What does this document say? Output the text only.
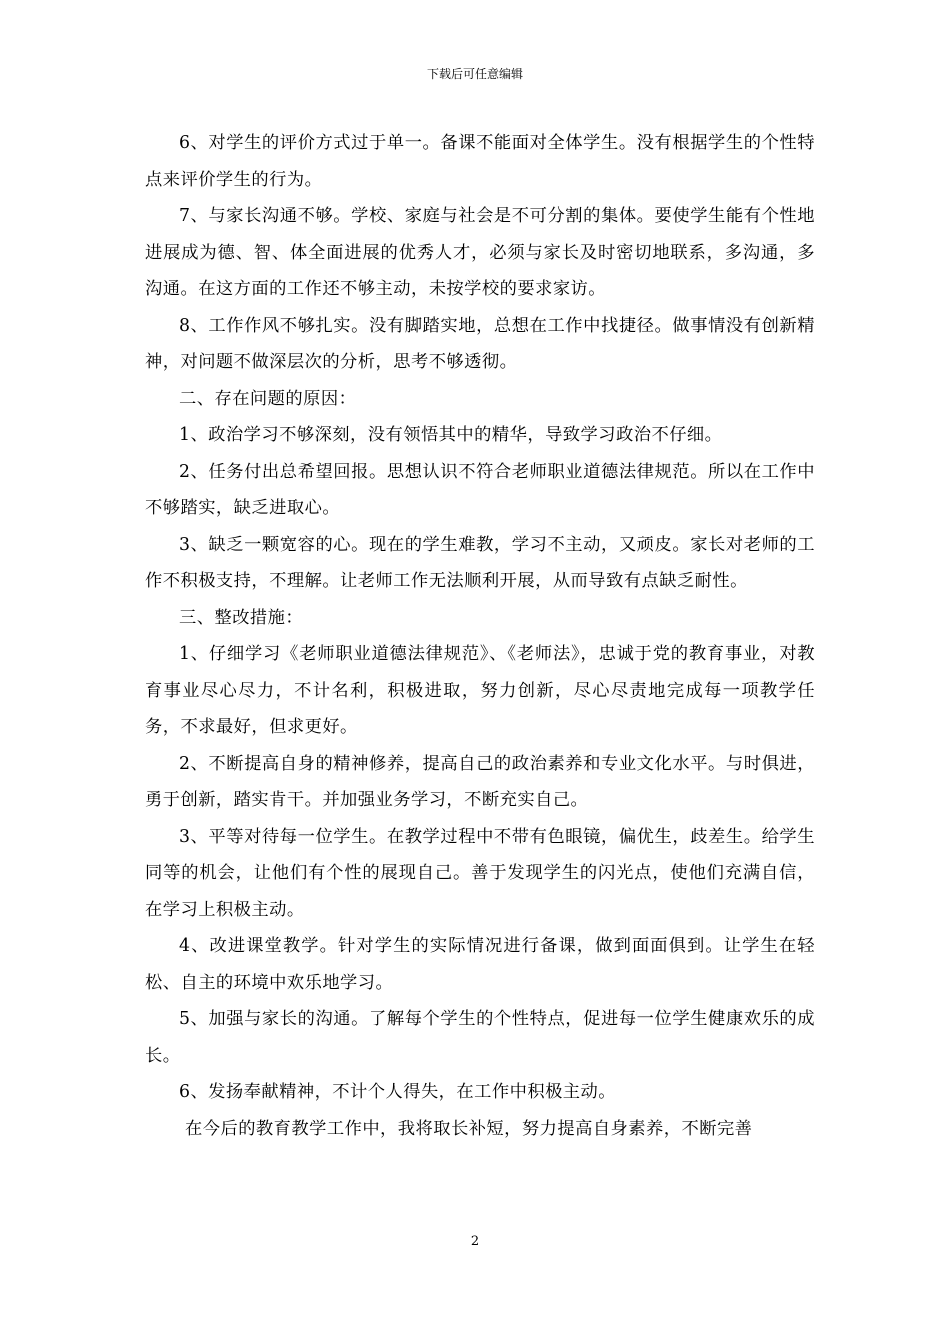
下载后可任意编辑

6、对学生的评价方式过于单一。备课不能面对全体学生。没有根据学生的个性特点来评价学生的行为。

7、与家长沟通不够。学校、家庭与社会是不可分割的集体。要使学生能有个性地进展成为德、智、体全面进展的优秀人才，必须与家长及时密切地联系，多沟通，多沟通。在这方面的工作还不够主动，未按学校的要求家访。

8、工作作风不够扎实。没有脚踏实地，总想在工作中找捷径。做事情没有创新精神，对问题不做深层次的分析，思考不够透彻。

二、存在问题的原因：

1、政治学习不够深刻，没有领悟其中的精华，导致学习政治不仔细。

2、任务付出总希望回报。思想认识不符合老师职业道德法律规范。所以在工作中不够踏实，缺乏进取心。

3、缺乏一颗宽容的心。现在的学生难教，学习不主动，又顽皮。家长对老师的工作不积极支持，不理解。让老师工作无法顺利开展，从而导致有点缺乏耐性。

三、整改措施：

1、仔细学习《老师职业道德法律规范》、《老师法》，忠诚于党的教育事业，对教育事业尽心尽力，不计名利，积极进取，努力创新，尽心尽责地完成每一项教学任务，不求最好，但求更好。

2、不断提高自身的精神修养，提高自己的政治素养和专业文化水平。与时俱进，勇于创新，踏实肯干。并加强业务学习，不断充实自己。

3、平等对待每一位学生。在教学过程中不带有色眼镜，偏优生，歧差生。给学生同等的机会，让他们有个性的展现自己。善于发现学生的闪光点，使他们充满自信，在学习上积极主动。

4、改进课堂教学。针对学生的实际情况进行备课，做到面面俱到。让学生在轻松、自主的环境中欢乐地学习。

5、加强与家长的沟通。了解每个学生的个性特点，促进每一位学生健康欢乐的成长。

6、发扬奉献精神，不计个人得失，在工作中积极主动。

在今后的教育教学工作中，我将取长补短，努力提高自身素养，不断完善

2
